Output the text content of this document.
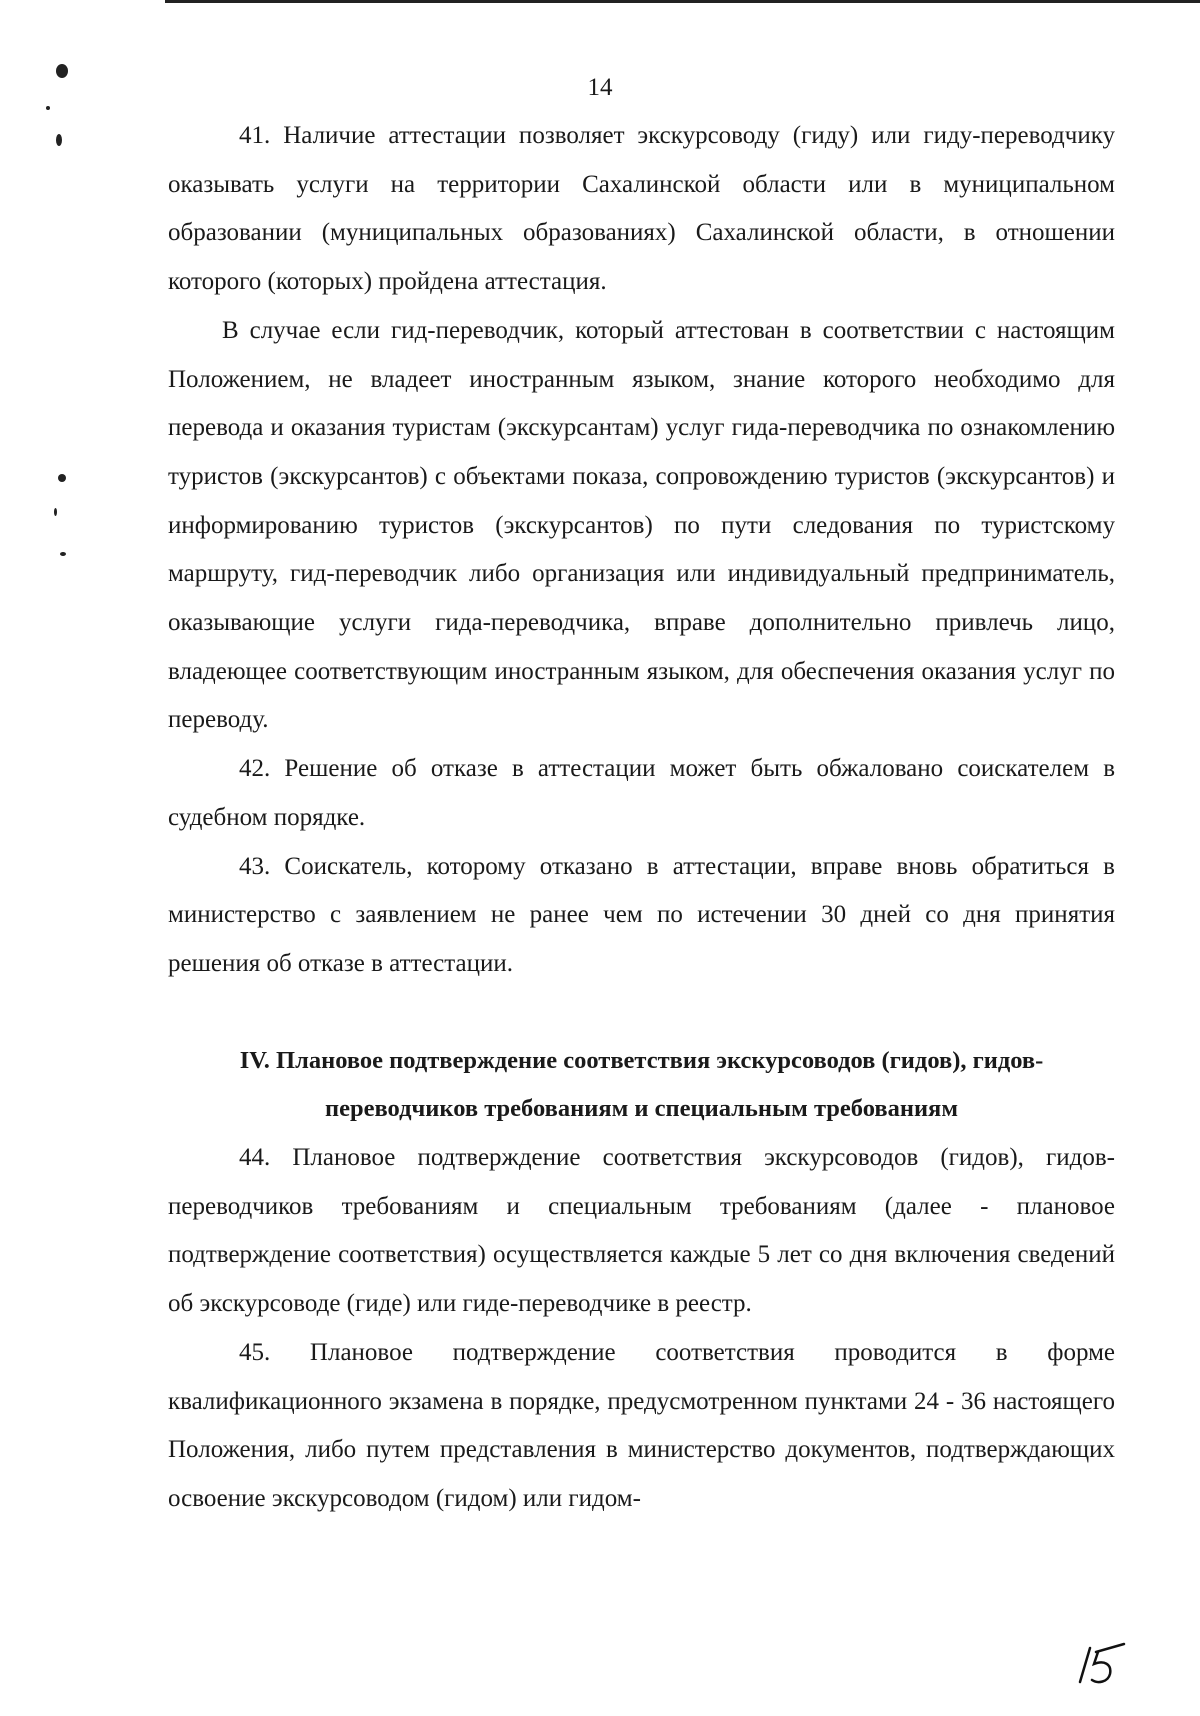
14

41. Наличие аттестации позволяет экскурсоводу (гиду) или гиду-переводчику оказывать услуги на территории Сахалинской области или в муниципальном образовании (муниципальных образованиях) Сахалинской области, в отношении которого (которых) пройдена аттестация.

В случае если гид-переводчик, который аттестован в соответствии с настоящим Положением, не владеет иностранным языком, знание которого необходимо для перевода и оказания туристам (экскурсантам) услуг гида-переводчика по ознакомлению туристов (экскурсантов) с объектами показа, сопровождению туристов (экскурсантов) и информированию туристов (экскурсантов) по пути следования по туристскому маршруту, гид-переводчик либо организация или индивидуальный предприниматель, оказывающие услуги гида-переводчика, вправе дополнительно привлечь лицо, владеющее соответствующим иностранным языком, для обеспечения оказания услуг по переводу.

42. Решение об отказе в аттестации может быть обжаловано соискателем в судебном порядке.

43. Соискатель, которому отказано в аттестации, вправе вновь обратиться в министерство с заявлением не ранее чем по истечении 30 дней со дня принятия решения об отказе в аттестации.

IV. Плановое подтверждение соответствия экскурсоводов (гидов), гидов-переводчиков требованиям и специальным требованиям

44. Плановое подтверждение соответствия экскурсоводов (гидов), гидов-переводчиков требованиям и специальным требованиям (далее - плановое подтверждение соответствия) осуществляется каждые 5 лет со дня включения сведений об экскурсоводе (гиде) или гиде-переводчике в реестр.

45. Плановое подтверждение соответствия проводится в форме квалификационного экзамена в порядке, предусмотренном пунктами 24 - 36 настоящего Положения, либо путем представления в министерство документов, подтверждающих освоение экскурсоводом (гидом) или гидом-
